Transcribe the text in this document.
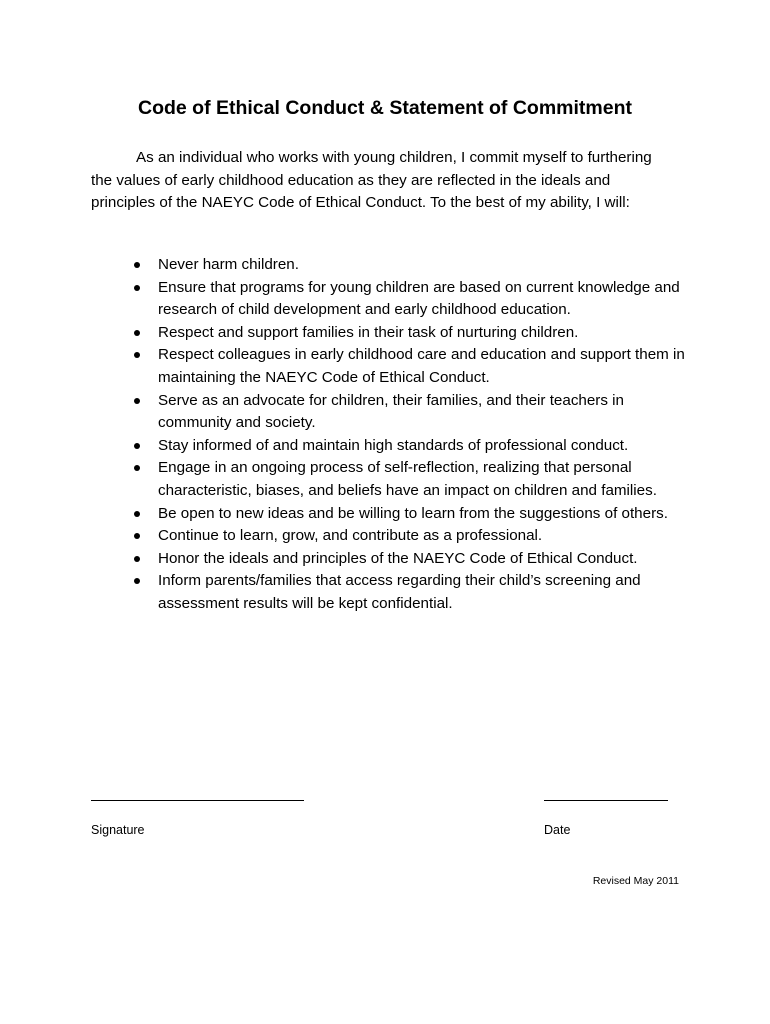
Code of Ethical Conduct & Statement of Commitment

As an individual who works with young children, I commit myself to furthering the values of early childhood education as they are reflected in the ideals and principles of the NAEYC Code of Ethical Conduct. To the best of my ability, I will:

Never harm children.
Ensure that programs for young children are based on current knowledge and research of child development and early childhood education.
Respect and support families in their task of nurturing children.
Respect colleagues in early childhood care and education and support them in maintaining the NAEYC Code of Ethical Conduct.
Serve as an advocate for children, their families, and their teachers in community and society.
Stay informed of and maintain high standards of professional conduct.
Engage in an ongoing process of self-reflection, realizing that personal characteristic, biases, and beliefs have an impact on children and families.
Be open to new ideas and be willing to learn from the suggestions of others.
Continue to learn, grow, and contribute as a professional.
Honor the ideals and principles of the NAEYC Code of Ethical Conduct.
Inform parents/families that access regarding their child’s screening and assessment results will be kept confidential.
Signature	Date
Revised May 2011
